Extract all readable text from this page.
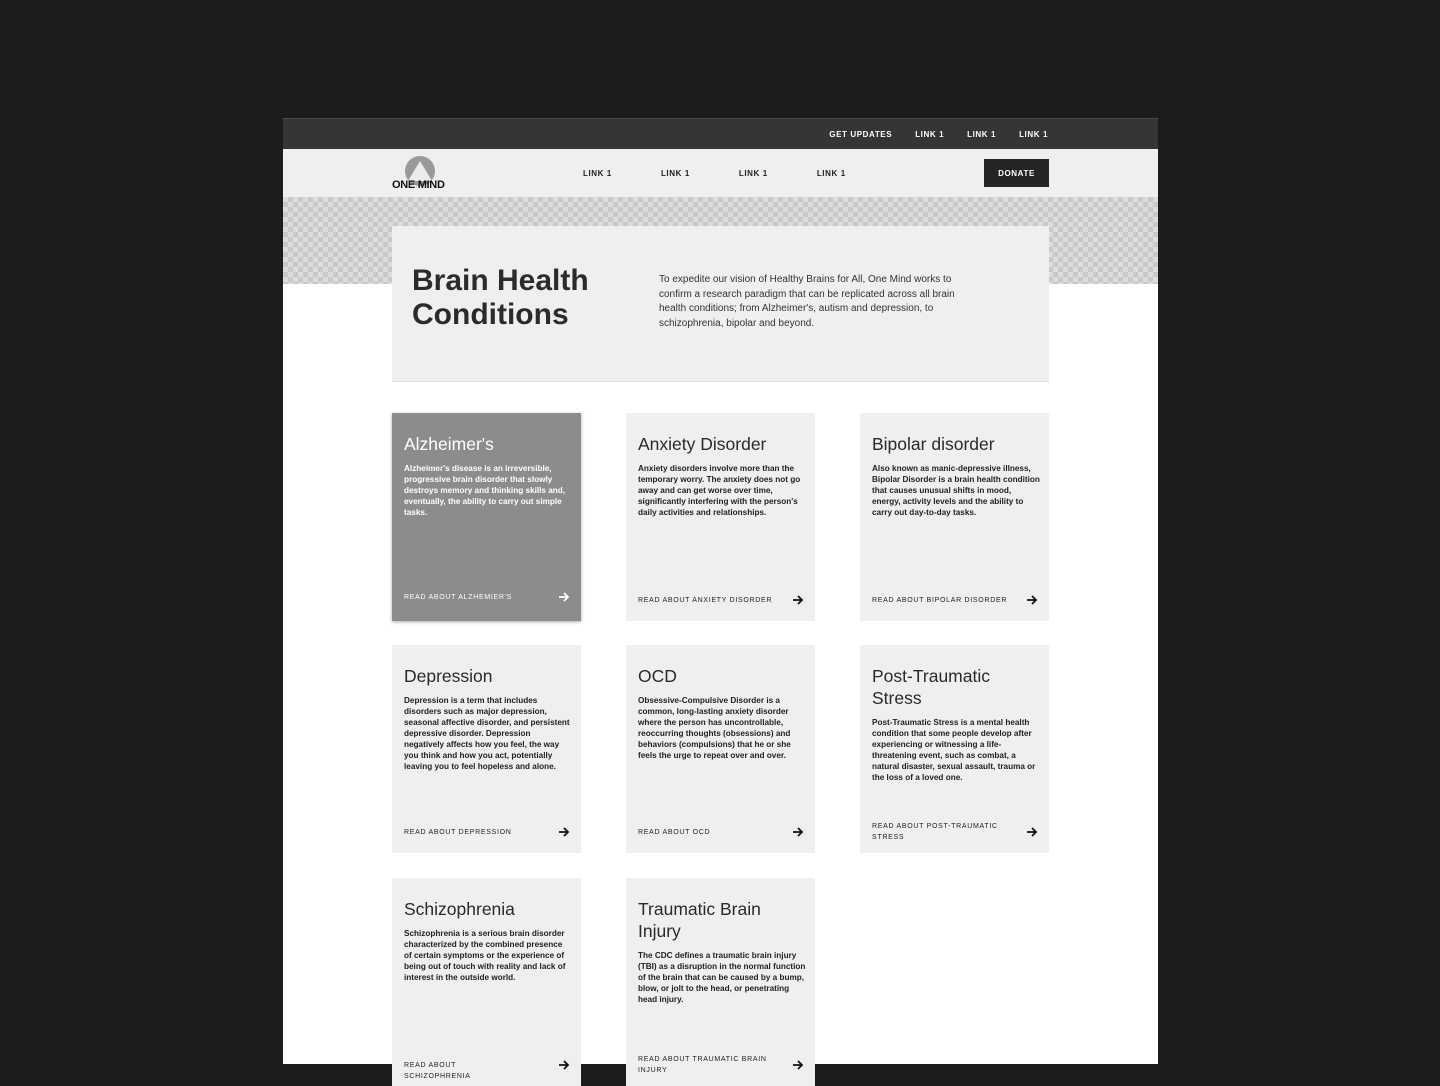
GET UPDATES	LINK 1	LINK 1	LINK 1
ONE MIND
LINK 1	LINK 1	LINK 1	LINK 1	DONATE
Brain Health Conditions

To expedite our vision of Healthy Brains for All, One Mind works to confirm a research paradigm that can be replicated across all brain health conditions; from Alzheimer's, autism and depression, to schizophrenia, bipolar and beyond.

Alzheimer's

Alzheimer's disease is an irreversible, progressive brain disorder that slowly destroys memory and thinking skills and, eventually, the ability to carry out simple tasks.

READ ABOUT ALZHEMIER'S
Anxiety Disorder

Anxiety disorders involve more than the temporary worry. The anxiety does not go away and can get worse over time, significantly interfering with the person's daily activities and relationships.

READ ABOUT ANXIETY DISORDER
Bipolar disorder

Also known as manic-depressive illness, Bipolar Disorder is a brain health condition that causes unusual shifts in mood, energy, activity levels and the ability to carry out day-to-day tasks.

READ ABOUT BIPOLAR DISORDER
Depression

Depression is a term that includes disorders such as major depression, seasonal affective disorder, and persistent depressive disorder. Depression negatively affects how you feel, the way you think and how you act, potentially leaving you to feel hopeless and alone.

READ ABOUT DEPRESSION
OCD

Obsessive-Compulsive Disorder is a common, long-lasting anxiety disorder where the person has uncontrollable, reoccurring thoughts (obsessions) and behaviors (compulsions) that he or she feels the urge to repeat over and over.

READ ABOUT OCD
Post-Traumatic Stress

Post-Traumatic Stress is a mental health condition that some people develop after experiencing or witnessing a life-threatening event, such as combat, a natural disaster, sexual assault, trauma or the loss of a loved one.

READ ABOUT POST-TRAUMATIC STRESS
Schizophrenia

Schizophrenia is a serious brain disorder characterized by the combined presence of certain symptoms or the experience of being out of touch with reality and lack of interest in the outside world.

READ ABOUT SCHIZOPHRENIA
Traumatic Brain Injury

The CDC defines a traumatic brain injury (TBI) as a disruption in the normal function of the brain that can be caused by a bump, blow, or jolt to the head, or penetrating head injury.

READ ABOUT TRAUMATIC BRAIN INJURY
